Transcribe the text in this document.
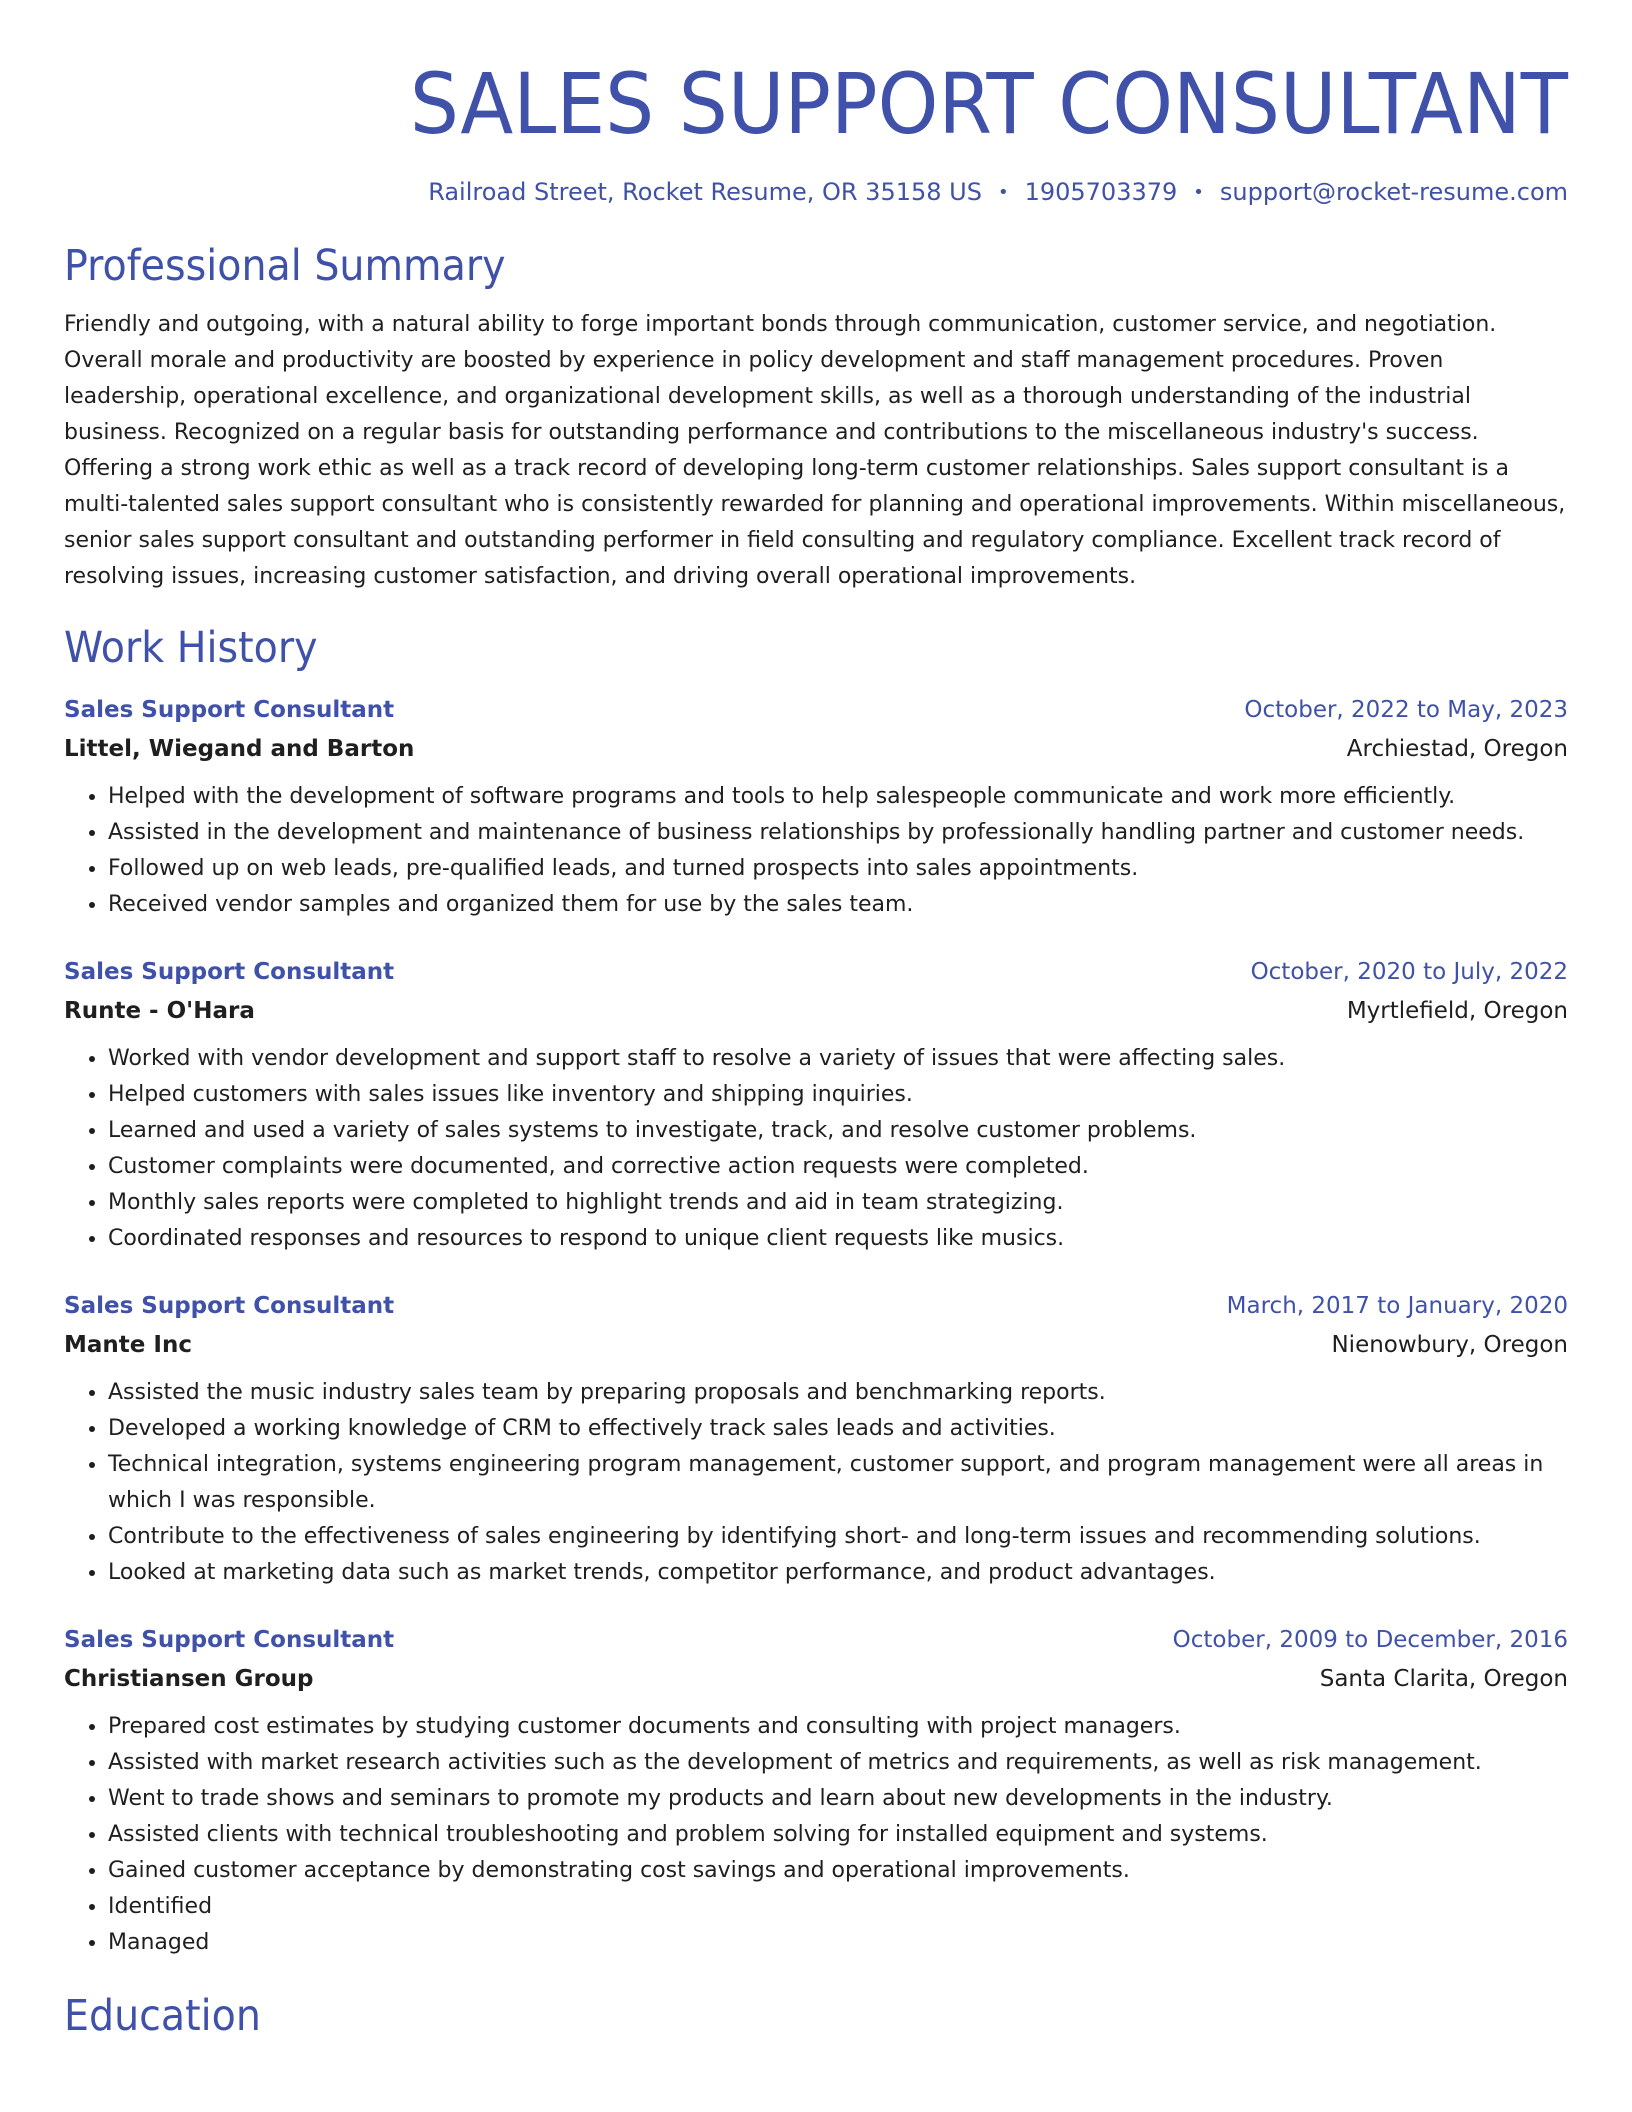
SALES SUPPORT CONSULTANT
Railroad Street, Rocket Resume, OR 35158 US • 1905703379 • support@rocket-resume.com
Professional Summary
Friendly and outgoing, with a natural ability to forge important bonds through communication, customer service, and negotiation. Overall morale and productivity are boosted by experience in policy development and staff management procedures. Proven leadership, operational excellence, and organizational development skills, as well as a thorough understanding of the industrial business. Recognized on a regular basis for outstanding performance and contributions to the miscellaneous industry's success. Offering a strong work ethic as well as a track record of developing long-term customer relationships. Sales support consultant is a multi-talented sales support consultant who is consistently rewarded for planning and operational improvements. Within miscellaneous, senior sales support consultant and outstanding performer in field consulting and regulatory compliance. Excellent track record of resolving issues, increasing customer satisfaction, and driving overall operational improvements.
Work History
Sales Support Consultant	October, 2022 to May, 2023
Littel, Wiegand and Barton	Archiestad, Oregon
• Helped with the development of software programs and tools to help salespeople communicate and work more efficiently.
• Assisted in the development and maintenance of business relationships by professionally handling partner and customer needs.
• Followed up on web leads, pre-qualified leads, and turned prospects into sales appointments.
• Received vendor samples and organized them for use by the sales team.
Sales Support Consultant	October, 2020 to July, 2022
Runte - O'Hara	Myrtlefield, Oregon
• Worked with vendor development and support staff to resolve a variety of issues that were affecting sales.
• Helped customers with sales issues like inventory and shipping inquiries.
• Learned and used a variety of sales systems to investigate, track, and resolve customer problems.
• Customer complaints were documented, and corrective action requests were completed.
• Monthly sales reports were completed to highlight trends and aid in team strategizing.
• Coordinated responses and resources to respond to unique client requests like musics.
Sales Support Consultant	March, 2017 to January, 2020
Mante Inc	Nienowbury, Oregon
• Assisted the music industry sales team by preparing proposals and benchmarking reports.
• Developed a working knowledge of CRM to effectively track sales leads and activities.
• Technical integration, systems engineering program management, customer support, and program management were all areas in which I was responsible.
• Contribute to the effectiveness of sales engineering by identifying short- and long-term issues and recommending solutions.
• Looked at marketing data such as market trends, competitor performance, and product advantages.
Sales Support Consultant	October, 2009 to December, 2016
Christiansen Group	Santa Clarita, Oregon
• Prepared cost estimates by studying customer documents and consulting with project managers.
• Assisted with market research activities such as the development of metrics and requirements, as well as risk management.
• Went to trade shows and seminars to promote my products and learn about new developments in the industry.
• Assisted clients with technical troubleshooting and problem solving for installed equipment and systems.
• Gained customer acceptance by demonstrating cost savings and operational improvements.
• Identified
• Managed
Education
